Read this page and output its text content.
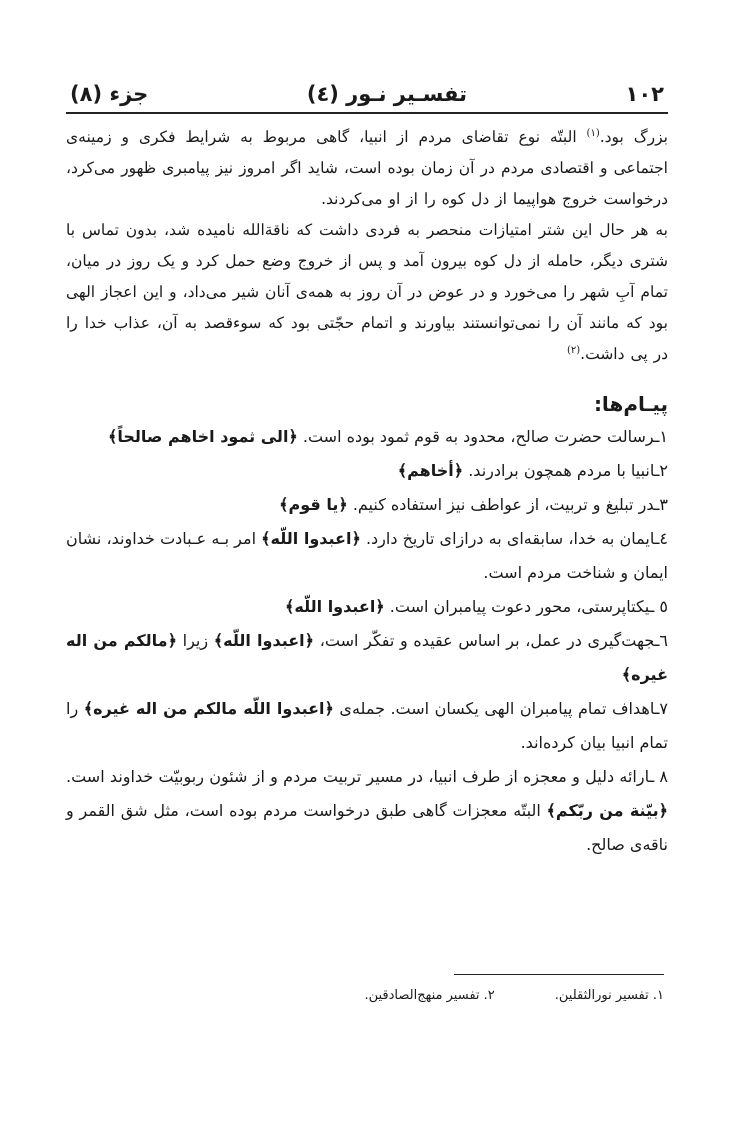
۱۰۲
تفسـیر نـور (٤)
جزء (۸)

بزرگ بود.$^{(۱)}$ البتّه نوع تقاضای مردم از انبیا، گاهی مربوط به شرایط فکری و زمینه‌ی اجتماعی و اقتصادی مردم در آن زمان بوده است، شاید اگر امروز نیز پیامبری ظهور می‌کرد، درخواست خروج هواپیما از دل کوه را از او می‌کردند.

به هر حال این شتر امتیازات منحصر به فردی داشت که ناقةالله نامیده شد، بدون تماس با شتری دیگر، حامله از دل کوه بیرون آمد و پس از خروج وضع حمل کرد و یک روز در میان، تمام آبِ شهر را می‌خورد و در عوض در آن روز به همه‌ی آنان شیر می‌داد، و این اعجاز الهی بود که مانند آن را نمی‌توانستند بیاورند و اتمام حجّتی بود که سوءقصد به آن، عذاب خدا را در پی داشت.$^{(۲)}$

پیـام‌ها:
۱ـرسالت حضرت صالح، محدود به قوم ثمود بوده است. ﴿الی ثمود اخاهم صالحاً﴾
۲ـانبیا با مردم همچون برادرند. ﴿أخاهم﴾
۳ـدر تبلیغ و تربیت، از عواطف نیز استفاده کنیم. ﴿یا قوم﴾
٤ـایمان به خدا، سابقه‌ای به درازای تاریخ دارد. ﴿اعبدوا اللّه﴾ امر بـه عـبادت خداوند، نشان ایمان و شناخت مردم است.
٥ ـیکتاپرستی، محور دعوت پیامبران است. ﴿اعبدوا اللّه﴾
٦ـجهت‌گیری در عمل، بر اساس عقیده و تفکّر است، ﴿اعبدوا اللّه﴾ زیرا ﴿مالکم من اله غیره﴾
۷ـاهداف تمام پیامبران الهی یکسان است. جمله‌ی ﴿اعبدوا اللّه مالکم من اله غیره﴾ را تمام انبیا بیان کرده‌اند.
۸ ـارائه دلیل و معجزه از طرف انبیا، در مسیر تربیت مردم و از شئون ربوبیّت خداوند است. ﴿بیّنة من ربّکم﴾ البتّه معجزات گاهی طبق درخواست مردم بوده است، مثل شق القمر و ناقه‌ی صالح.
۱. تفسیر نورالثقلین.
۲. تفسیر منهج‌الصادقین.
